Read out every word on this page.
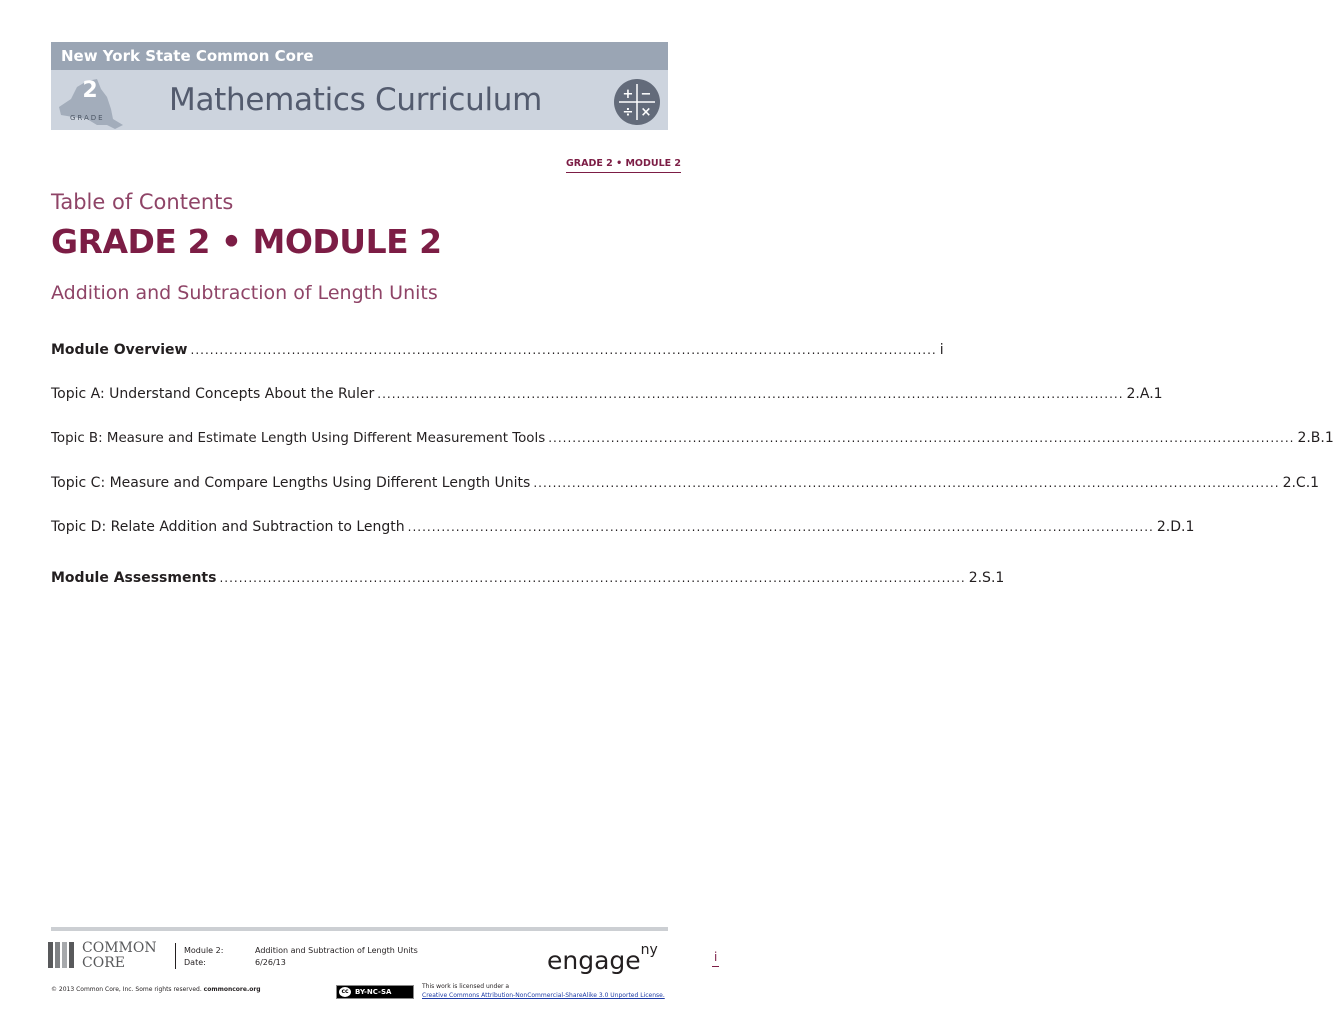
New York State Common Core
2
GRADE Mathematics Curriculum	+ −
÷ ×
GRADE 2 • MODULE 2
Table of Contents
GRADE 2 • MODULE 2
Addition and Subtraction of Length Units
Module Overview ........................................................................................................................................................... i
Topic A: Understand Concepts About the Ruler ........................................................................................................................................................... 2.A.1
Topic B: Measure and Estimate Length Using Different Measurement Tools ........................................................................................................................................................... 2.B.1
Topic C: Measure and Compare Lengths Using Different Length Units ........................................................................................................................................................... 2.C.1
Topic D: Relate Addition and Subtraction to Length ........................................................................................................................................................... 2.D.1
Module Assessments ........................................................................................................................................................... 2.S.1
COMMON
CORE
Module 2:
Date:
Addition and Subtraction of Length Units
6/26/13	engage$^{ny}$	i
© 2013 Common Core, Inc. Some rights reserved. commoncore.org	cc BY-NC-SA
This work is licensed under a
Creative Commons Attribution-NonCommercial-ShareAlike 3.0 Unported License.
